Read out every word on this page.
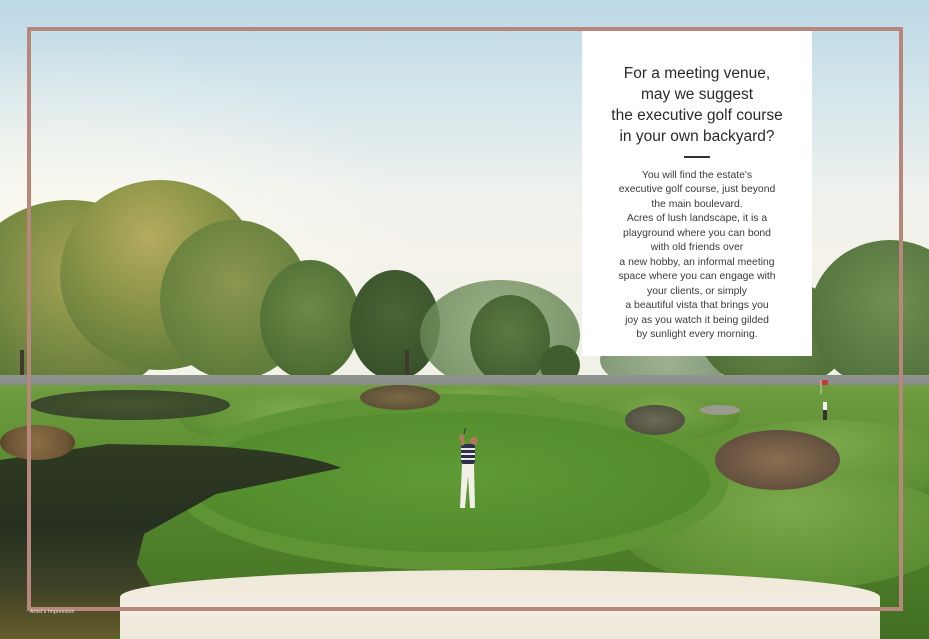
For a meeting venue,
may we suggest
the executive golf course
in your own backyard?

You will find the estate's
executive golf course, just beyond
the main boulevard.
Acres of lush landscape, it is a
playground where you can bond
with old friends over
a new hobby, an informal meeting
space where you can engage with
your clients, or simply
a beautiful vista that brings you
joy as you watch it being gilded
by sunlight every morning.

Artist's Impression
